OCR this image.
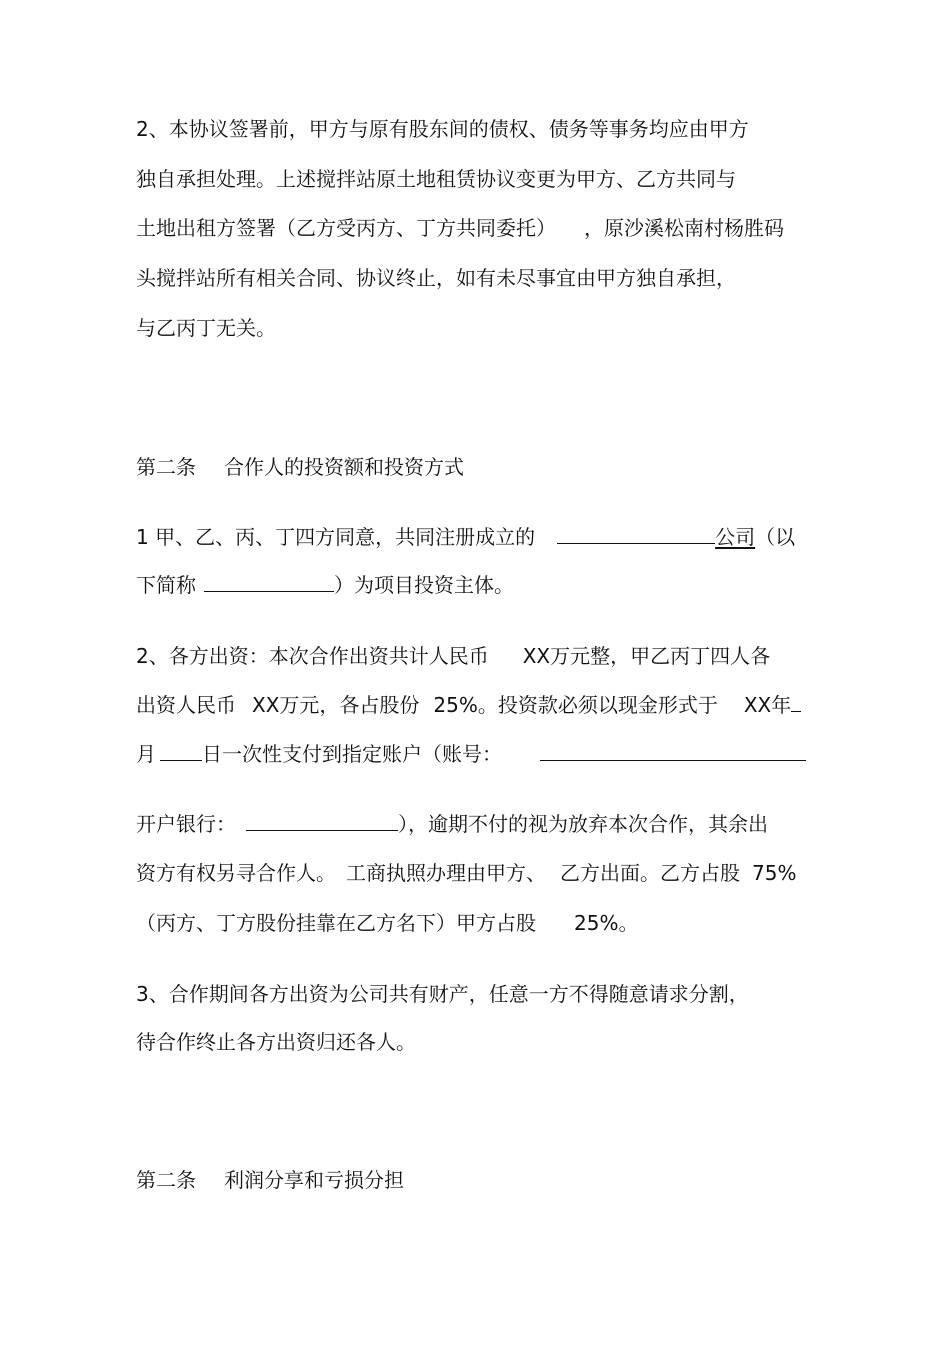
2、本协议签署前，甲方与原有股东间的债权、债务等事务均应由甲方
独自承担处理。上述搅拌站原土地租赁协议变更为甲方、乙方共同与
土地出租方签署（乙方受丙方、丁方共同委托） ，原沙溪松南村杨胜码
头搅拌站所有相关合同、协议终止，如有未尽事宜由甲方独自承担，
与乙丙丁无关。
第二条 合作人的投资额和投资方式
1 甲、乙、丙、丁四方同意，共同注册成立的	公司（以
下简称	）为项目投资主体。
2、各方出资：本次合作出资共计人民币 XX万元整，甲乙丙丁四人各
出资人民币 XX万元，各占股份 25%。投资款必须以现金形式于 XX年
月 日一次性支付到指定账户（账号：
开户银行：	），逾期不付的视为放弃本次合作，其余出
资方有权另寻合作人。 工商执照办理由甲方、 乙方出面。乙方占股 75%
（丙方、丁方股份挂靠在乙方名下）甲方占股 25%。
3、合作期间各方出资为公司共有财产，任意一方不得随意请求分割，
待合作终止各方出资归还各人。
第二条 利润分享和亏损分担
